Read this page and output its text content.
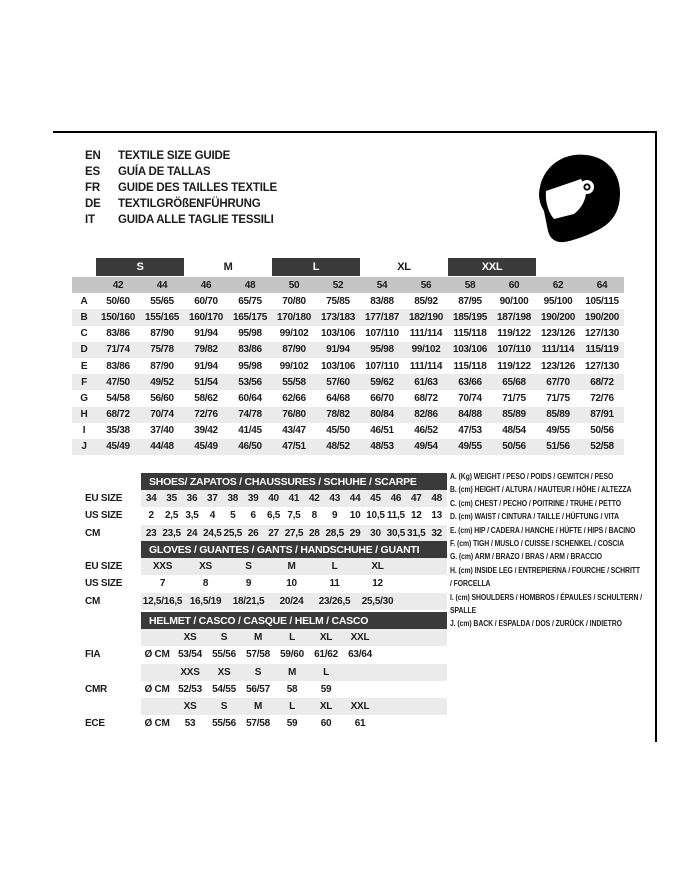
EN	TEXTILE SIZE GUIDE
ES	GUÍA DE TALLAS
FR	GUIDE DES TAILLES TEXTILE
DE	TEXTILGRÖßENFÜHRUNG
IT	GUIDA ALLE TAGLIE TESSILI
S	M	L	XL	XXL
42	44	46	48	50	52	54	56	58	60	62	64
A	50/60	55/65	60/70	65/75	70/80	75/85	83/88	85/92	87/95	90/100	95/100	105/115
B	150/160 155/165 160/170 165/175 170/180 173/183 177/187 182/190 185/195 187/198 190/200 190/200
C	83/86	87/90	91/94	95/98	99/102	103/106	107/110	111/114	115/118	119/122	123/126 127/130
D	71/74	75/78	79/82	83/86	87/90	91/94	95/98	99/102	103/106	107/110	111/114	115/119
E	83/86	87/90	91/94	95/98	99/102	103/106	107/110	111/114	115/118	119/122	123/126 127/130
F	47/50	49/52	51/54	53/56	55/58	57/60	59/62	61/63	63/66	65/68	67/70	68/72
G	54/58	56/60	58/62	60/64	62/66	64/68	66/70	68/72	70/74	71/75	71/75	72/76
H	68/72	70/74	72/76	74/78	76/80	78/82	80/84	82/86	84/88	85/89	85/89	87/91
I	35/38	37/40	39/42	41/45	43/47	45/50	46/51	46/52	47/53	48/54	49/55	50/56
J	45/49	44/48	45/49	46/50	47/51	48/52	48/53	49/54	49/55	50/56	51/56	52/58
SHOES/ ZAPATOS / CHAUSSURES / SCHUHE / SCARPE
EU SIZE	34 35 36 37 38 39 40 41 42 43 44 45 46 47 48
US SIZE	2	2,5 3,5	4	5	6	6,5 7,5	8	9	10 10,5 11,5 12 13
CM	23 23,5 24 24,5 25,5 26 27 27,5 28 28,5 29 30 30,5 31,5 32
GLOVES / GUANTES / GANTS / HANDSCHUHE / GUANTI
EU SIZE	XXS	XS	S	M	L	XL
US SIZE	7	8	9	10	11	12
CM	12,5/16,5 16,5/19	18/21,5	20/24	23/26,5	25,5/30
HELMET / CASCO / CASQUE / HELM / CASCO
XS	S	M	L	XL	XXL
FIA	Ø CM 53/54	55/56	57/58	59/60	61/62	63/64
XXS	XS	S	M	L
CMR	Ø CM 52/53	54/55	56/57	58	59
XS	S	M	L	XL	XXL
ECE	Ø CM	53	55/56	57/58	59	60	61
A. (Kg) WEIGHT / PESO / POIDS / GEWITCH / PESO
B. (cm) HEIGHT / ALTURA / HAUTEUR / HÖHE / ALTEZZA
C. (cm) CHEST / PECHO / POITRINE / TRUHE / PETTO
D. (cm) WAIST / CINTURA / TAILLE / HÜFTUNG / VITA
E. (cm) HIP / CADERA / HANCHE / HÜFTE / HIPS / BACINO
F. (cm) TIGH / MUSLO / CUISSE / SCHENKEL / COSCIA
G. (cm) ARM / BRAZO / BRAS / ARM / BRACCIO
H. (cm) INSIDE LEG / ENTREPIERNA / FOURCHE / SCHRITT / FORCELLA
I. (cm) SHOULDERS / HOMBROS / ÉPAULES / SCHULTERN / SPALLE
J. (cm) BACK / ESPALDA / DOS / ZURÜCK / INDIETRO
